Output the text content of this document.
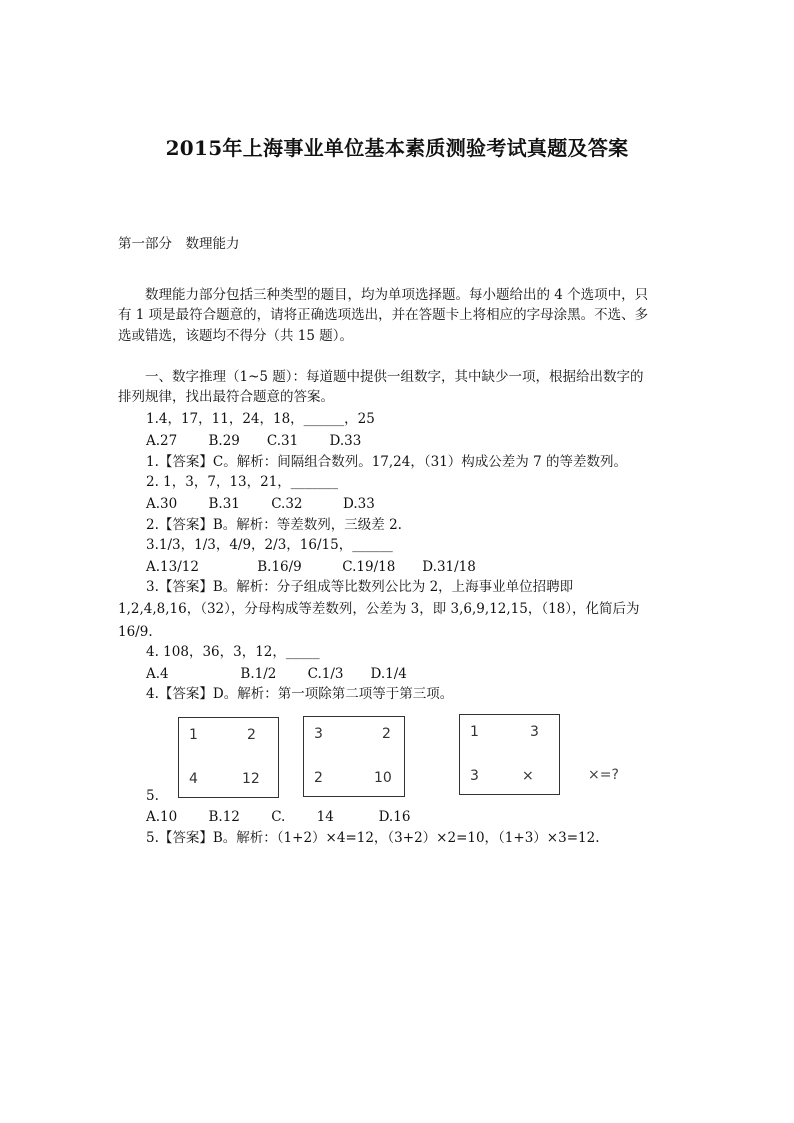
2015年上海事业单位基本素质测验考试真题及答案
第一部分　数理能力
　　数理能力部分包括三种类型的题目，均为单项选择题。每小题给出的 4 个选项中，只
有 1 项是最符合题意的，请将正确选项选出，并在答题卡上将相应的字母涂黑。不选、多
选或错选，该题均不得分（共 15 题）。
　　一、数字推理（1~5 题）：每道题中提供一组数字，其中缺少一项，根据给出数字的
排列规律，找出最符合题意的答案。
1.4，17，11，24，18，______，25
A.27　　 B.29　　C.31　　 D.33
1.【答案】C。解析：间隔组合数列。17,24，（31）构成公差为 7 的等差数列。
2. 1，3，7，13，21，_______
A.30　　 B.31　　 C.32　　　D.33
2.【答案】B。解析：等差数列，三级差 2.
3.1/3，1/3，4/9，2/3，16/15，______
A.13/12　　　　 B.16/9　　　C.19/18　　D.31/18
3.【答案】B。解析：分子组成等比数列公比为 2，上海事业单位招聘即
1,2,4,8,16，（32），分母构成等差数列，公差为 3，即 3,6,9,12,15，（18），化简后为
16/9.
4. 108，36，3，12，_____
A.4　　　　　 B.1/2　　 C.1/3　　D.1/4
4.【答案】D。解析：第一项除第二项等于第三项。
1	2
4	12
3	2
2	10
1	3
3	×	×=?
5.
A.10　　 B.12　　 C.　　 14　　　 D.16
5.【答案】B。解析：（1+2）×4=12，（3+2）×2=10，（1+3）×3=12.
